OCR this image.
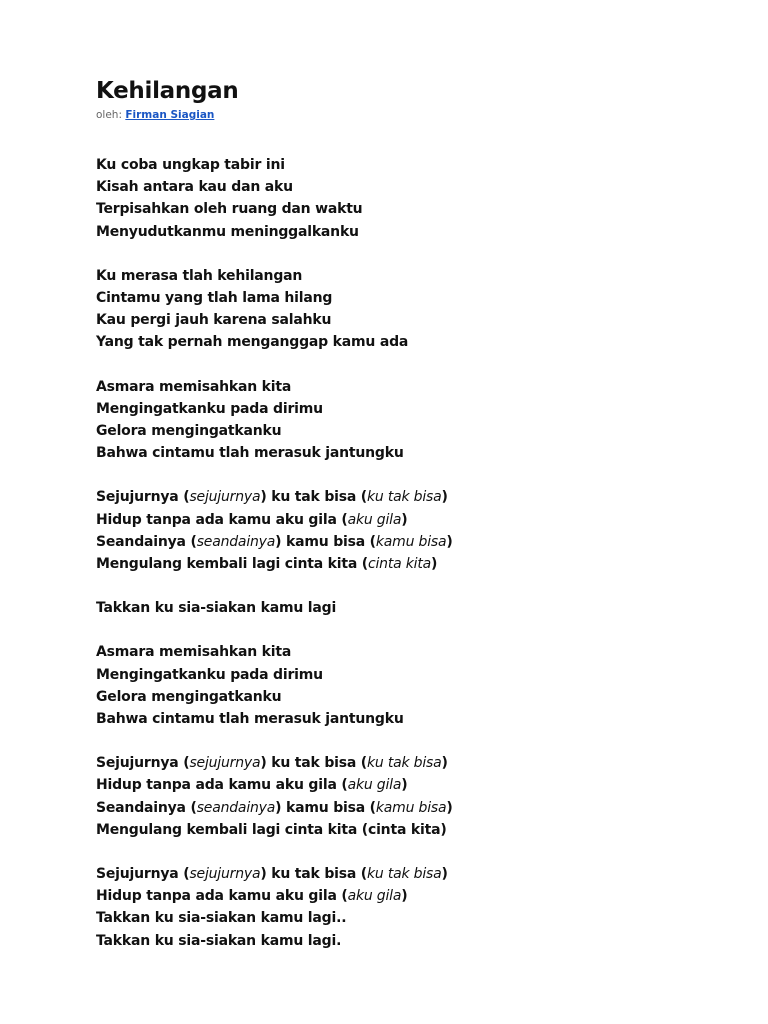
Kehilangan

oleh: Firman Siagian

Ku coba ungkap tabir ini
Kisah antara kau dan aku
Terpisahkan oleh ruang dan waktu
Menyudutkanmu meninggalkanku
Ku merasa tlah kehilangan
Cintamu yang tlah lama hilang
Kau pergi jauh karena salahku
Yang tak pernah menganggap kamu ada
Asmara memisahkan kita
Mengingatkanku pada dirimu
Gelora mengingatkanku
Bahwa cintamu tlah merasuk jantungku
Sejujurnya (sejujurnya) ku tak bisa (ku tak bisa)
Hidup tanpa ada kamu aku gila (aku gila)
Seandainya (seandainya) kamu bisa (kamu bisa)
Mengulang kembali lagi cinta kita (cinta kita)
Takkan ku sia-siakan kamu lagi
Asmara memisahkan kita
Mengingatkanku pada dirimu
Gelora mengingatkanku
Bahwa cintamu tlah merasuk jantungku
Sejujurnya (sejujurnya) ku tak bisa (ku tak bisa)
Hidup tanpa ada kamu aku gila (aku gila)
Seandainya (seandainya) kamu bisa (kamu bisa)
Mengulang kembali lagi cinta kita (cinta kita)
Sejujurnya (sejujurnya) ku tak bisa (ku tak bisa)
Hidup tanpa ada kamu aku gila (aku gila)
Takkan ku sia-siakan kamu lagi..
Takkan ku sia-siakan kamu lagi.
